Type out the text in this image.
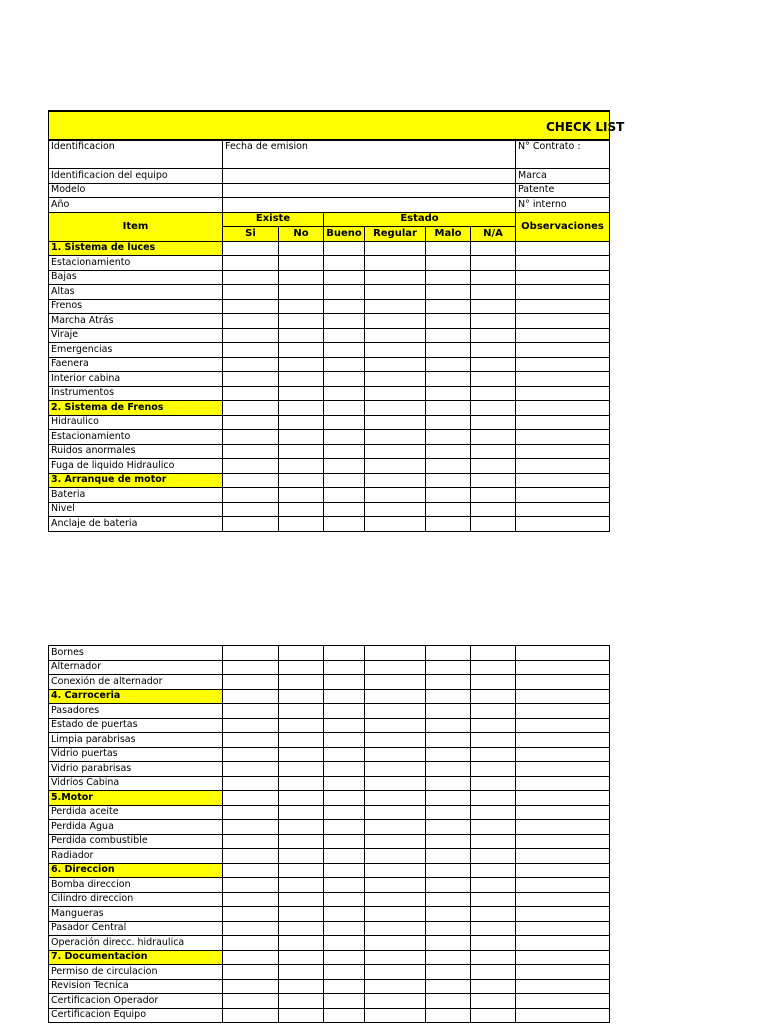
CHECK LIST							

Identificacion	Fecha de emision						N° Contrato :
Identificacion del equipo							Marca
Modelo							Patente
Año							N° interno
Item	Existe		Estado				Observaciones
	Si	No	Bueno	Regular	Malo	N/A	
1. Sistema de luces							
Estacionamiento							
Bajas							
Altas							
Frenos							
Marcha Atrás							
Viraje							
Emergencias							
Faenera							
Interior cabina							
Instrumentos							
2. Sistema de Frenos							
Hidraulico							
Estacionamiento							
Ruidos anormales							
Fuga de liquido Hidraulico							
3. Arranque de motor							
Bateria							
Nivel							
Anclaje de bateria							
Bornes							
Alternador							
Conexión de alternador							
4. Carroceria							
Pasadores							
Estado de puertas							
Limpia parabrisas							
Vidrio puertas							
Vidrio parabrisas							
Vidrios Cabina							
5.Motor							
Perdida aceite							
Perdida Agua							
Perdida combustible							
Radiador							
6. Direccion							
Bomba direccion							
Cilindro direccion							
Mangueras							
Pasador Central							
Operación direcc. hidraulica							
7. Documentacion							
Permiso de circulacion							
Revision Tecnica							
Certificacion Operador							
Certificacion Equipo							
